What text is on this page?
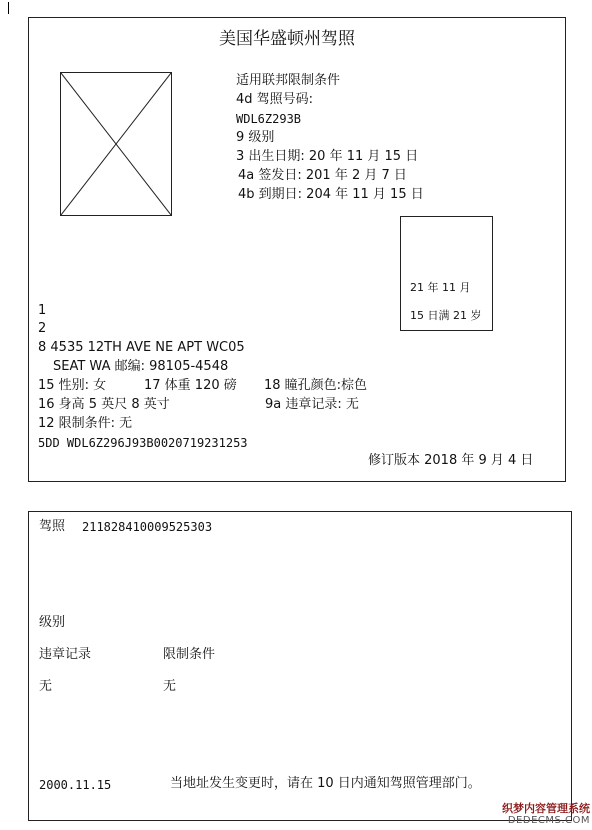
美国华盛顿州驾照
适用联邦限制条件
4d 驾照号码:
WDL6Z293B
9 级别
3 出生日期: 20 年 11 月 15 日
4a 签发日: 201 年 2 月 7 日
4b 到期日: 204 年 11 月 15 日
21 年 11 月
15 日满 21 岁
1
2
8 4535 12TH AVE NE APT WC05
SEAT WA 邮编: 98105-4548
15 性别: 女	17 体重 120 磅 18 瞳孔颜色:棕色
16 身高 5 英尺 8 英寸	9a 违章记录: 无
12 限制条件: 无
5DD WDL6Z296J93B0020719231253
修订版本 2018 年 9 月 4 日
驾照 211828410009525303
级别
违章记录	限制条件
无	无
2000.11.15	当地址发生变更时，请在 10 日内通知驾照管理部门。
织梦内容管理系统
DEDECMS.COM
